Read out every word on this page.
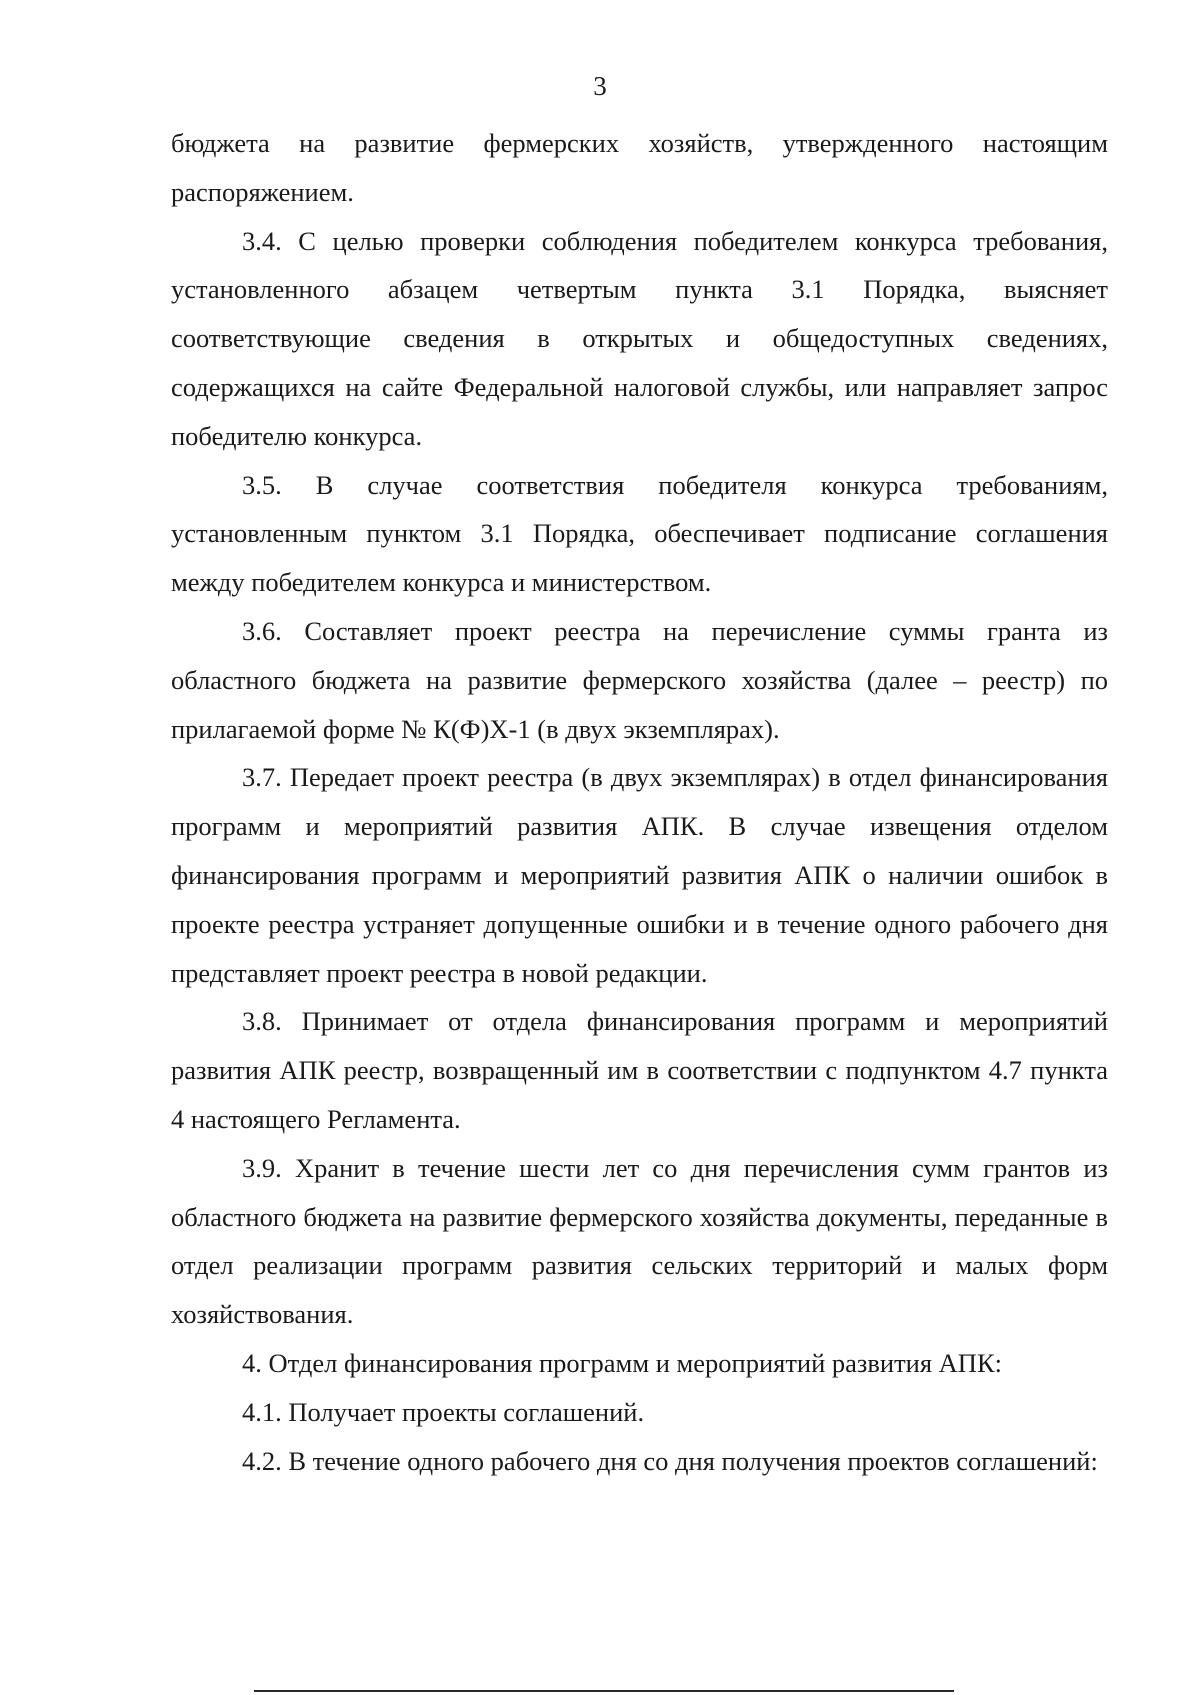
3

бюджета на развитие фермерских хозяйств, утвержденного настоящим распоряжением.

3.4. С целью проверки соблюдения победителем конкурса требования, установленного абзацем четвертым пункта 3.1 Порядка, выясняет соответствующие сведения в открытых и общедоступных сведениях, содержащихся на сайте Федеральной налоговой службы, или направляет запрос победителю конкурса.

3.5. В случае соответствия победителя конкурса требованиям, установленным пунктом 3.1 Порядка, обеспечивает подписание соглашения между победителем конкурса и министерством.

3.6. Составляет проект реестра на перечисление суммы гранта из областного бюджета на развитие фермерского хозяйства (далее – реестр) по прилагаемой форме № К(Ф)Х-1 (в двух экземплярах).

3.7. Передает проект реестра (в двух экземплярах) в отдел финансирования программ и мероприятий развития АПК. В случае извещения отделом финансирования программ и мероприятий развития АПК о наличии ошибок в проекте реестра устраняет допущенные ошибки и в течение одного рабочего дня представляет проект реестра в новой редакции.

3.8. Принимает от отдела финансирования программ и мероприятий развития АПК реестр, возвращенный им в соответствии с подпунктом 4.7 пункта 4 настоящего Регламента.

3.9. Хранит в течение шести лет со дня перечисления сумм грантов из областного бюджета на развитие фермерского хозяйства документы, переданные в отдел реализации программ развития сельских территорий и малых форм хозяйствования.

4. Отдел финансирования программ и мероприятий развития АПК:

4.1. Получает проекты соглашений.

4.2. В течение одного рабочего дня со дня получения проектов соглашений:
